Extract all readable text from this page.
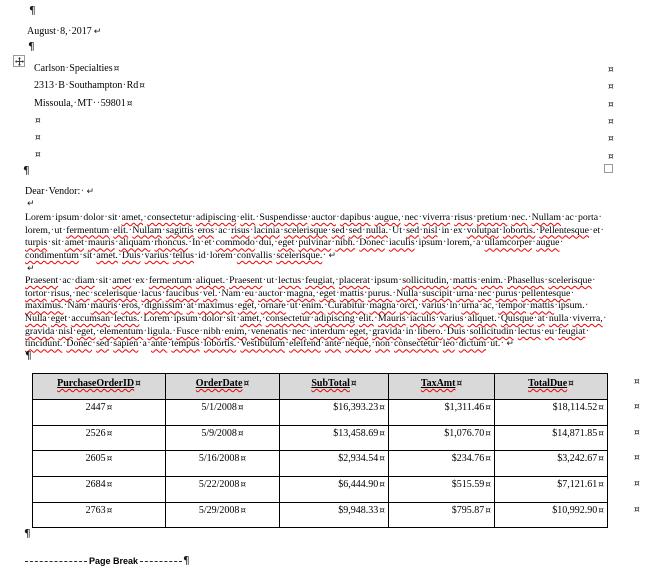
¶
August·8,·2017 ↵
¶
Carlson·Specialties¤
2313·B·Southampton·Rd¤
Missoula,·MT··59801¤
¤
¤
¤
¤
¤
¤
¤
¤
¤
¶
Dear·Vendor:· ↵
↵
Lorem·ipsum·dolor·sit·amet,·consectetur·adipiscing·elit.·Suspendisse·auctor·dapibus·augue,·nec·viverra·risus·pretium·nec.·Nullam·ac·porta·
lorem,·ut·fermentum·elit.·Nullam·sagittis·eros·ac·risus·lacinia·scelerisque·sed·sed·nulla.·Ut·sed·nisl·in·ex·volutpat·lobortis.·Pellentesque·et·
turpis·sit·amet·mauris·aliquam·rhoncus.·In·et·commodo·dui,·eget·pulvinar·nibh.·Donec·iaculis·ipsum·lorem,·a·ullamcorper·augue·
condimentum·sit·amet.·Duis·varius·tellus·id·lorem·convallis·scelerisque.· ↵
↵
Praesent·ac·diam·sit·amet·ex·fermentum·aliquet.·Praesent·ut·lectus·feugiat,·placerat·ipsum·sollicitudin,·mattis·enim.·Phasellus·scelerisque·
tortor·risus,·nec·scelerisque·lacus·faucibus·vel.·Nam·eu·auctor·magna,·eget·mattis·purus.·Nulla·suscipit·urna·nec·purus·pellentesque·
maximus.·Nam·mauris·eros,·dignissim·at·maximus·eget,·ornare·ut·enim.·Curabitur·magna·orci,·varius·in·urna·ac,·tempor·mattis·ipsum.·
Nulla·eget·accumsan·lectus.·Lorem·ipsum·dolor·sit·amet,·consectetur·adipiscing·elit.·Mauris·iaculis·varius·aliquet.·Quisque·at·nulla·viverra,·
gravida·nisl·eget,·elementum·ligula.·Fusce·nibh·enim,·venenatis·nec·interdum·eget,·gravida·in·libero.·Duis·sollicitudin·lectus·eu·feugiat·
tincidunt.·Donec·sed·sapien·a·ante·tempus·lobortis.·Vestibulum·eleifend·ante·neque,·non·consectetur·leo·dictum·ut.· ↵
¶
PurchaseOrderID¤	OrderDate¤	SubTotal¤	TaxAmt¤	TotalDue¤
2447¤	5/1/2008¤	$16,393.23¤	$1,311.46¤	$18,114.52¤
2526¤	5/9/2008¤	$13,458.69¤	$1,076.70¤	$14,871.85¤
2605¤	5/16/2008¤	$2,934.54¤	$234.76¤	$3,242.67¤
2684¤	5/22/2008¤	$6,444.90¤	$515.59¤	$7,121.61¤
2763¤	5/29/2008¤	$9,948.33¤	$795.87¤	$10,992.90¤
¤
¤
¤
¤
¤
¤
¶
Page Break	¶
